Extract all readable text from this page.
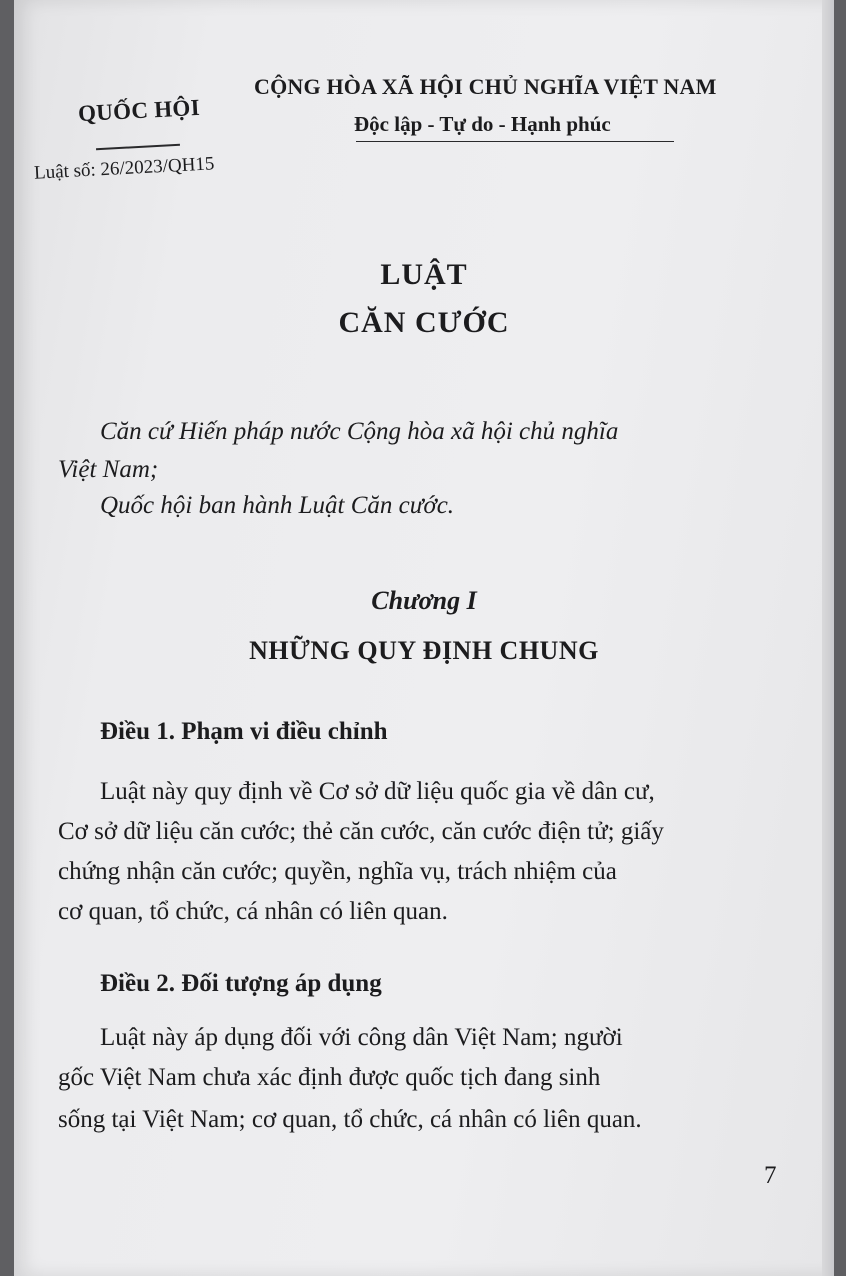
QUỐC HỘI
Luật số: 26/2023/QH15
CỘNG HÒA XÃ HỘI CHỦ NGHĨA VIỆT NAM
Độc lập - Tự do - Hạnh phúc
LUẬT
CĂN CƯỚC
Căn cứ Hiến pháp nước Cộng hòa xã hội chủ nghĩa
Việt Nam;
Quốc hội ban hành Luật Căn cước.
Chương I
NHỮNG QUY ĐỊNH CHUNG
Điều 1. Phạm vi điều chỉnh
Luật này quy định về Cơ sở dữ liệu quốc gia về dân cư,
Cơ sở dữ liệu căn cước; thẻ căn cước, căn cước điện tử; giấy
chứng nhận căn cước; quyền, nghĩa vụ, trách nhiệm của
cơ quan, tổ chức, cá nhân có liên quan.
Điều 2. Đối tượng áp dụng
Luật này áp dụng đối với công dân Việt Nam; người
gốc Việt Nam chưa xác định được quốc tịch đang sinh
sống tại Việt Nam; cơ quan, tổ chức, cá nhân có liên quan.
7
